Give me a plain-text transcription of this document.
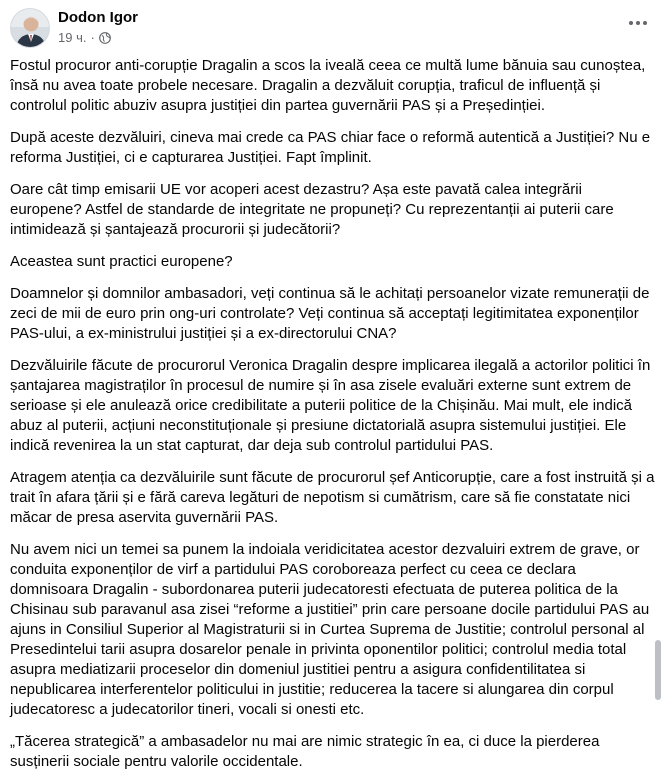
Dodon Igor
19 ч. ·

Fostul procuror anti-corupție Dragalin a scos la iveală ceea ce multă lume bănuia sau cunoștea, însă nu avea toate probele necesare. Dragalin a dezvăluit corupția, traficul de influență și controlul politic abuziv asupra justiției din partea guvernării PAS și a Președinției.

După aceste dezvăluiri, cineva mai crede ca PAS chiar face o reformă autentică a Justiției? Nu e reforma Justiției, ci e capturarea Justiției. Fapt împlinit.

Oare cât timp emisarii UE vor acoperi acest dezastru? Așa este pavată calea integrării europene? Astfel de standarde de integritate ne propuneți? Cu reprezentanții ai puterii care intimidează și șantajează procurorii și judecătorii?

Aceastea sunt practici europene?

Doamnelor și domnilor ambasadori, veți continua să le achitați persoanelor vizate remunerații de zeci de mii de euro prin ong-uri controlate? Veți continua să acceptați legitimitatea exponenților PAS-ului, a ex-ministrului justiției și a ex-directorului CNA?

Dezvăluirile făcute de procurorul Veronica Dragalin despre implicarea ilegală a actorilor politici în șantajarea magistraților în procesul de numire și în asa zisele evaluări externe sunt extrem de serioase și ele anulează orice credibilitate a puterii politice de la Chișinău. Mai mult, ele indică abuz al puterii, acțiuni neconstituționale și presiune dictatorială asupra sistemului justiției. Ele indică revenirea la un stat capturat, dar deja sub controlul partidului PAS.

Atragem atenția ca dezvăluirile sunt făcute de procurorul șef Anticorupție, care a fost instruită și a trait în afara țării și e fără careva legături de nepotism si cumătrism, care să fie constatate nici măcar de presa aservita guvernării PAS.

Nu avem nici un temei sa punem la indoiala veridicitatea acestor dezvaluiri extrem de grave, or conduita exponenților de virf a partidului PAS coroboreaza perfect cu ceea ce declara domnisoara Dragalin - subordonarea puterii judecatoresti efectuata de puterea politica de la Chisinau sub paravanul asa zisei “reforme a justitiei” prin care persoane docile partidului PAS au ajuns in Consiliul Superior al Magistraturii si in Curtea Suprema de Justitie; controlul personal al Presedintelui tarii asupra dosarelor penale in privinta oponentilor politici; controlul media total asupra mediatizarii proceselor din domeniul justitiei pentru a asigura confidentilitatea si nepublicarea interferentelor politicului in justitie; reducerea la tacere si alungarea din corpul judecatoresc a judecatorilor tineri, vocali si onesti etc.

„Tăcerea strategică” a ambasadelor nu mai are nimic strategic în ea, ci duce la pierderea susținerii sociale pentru valorile occidentale.
